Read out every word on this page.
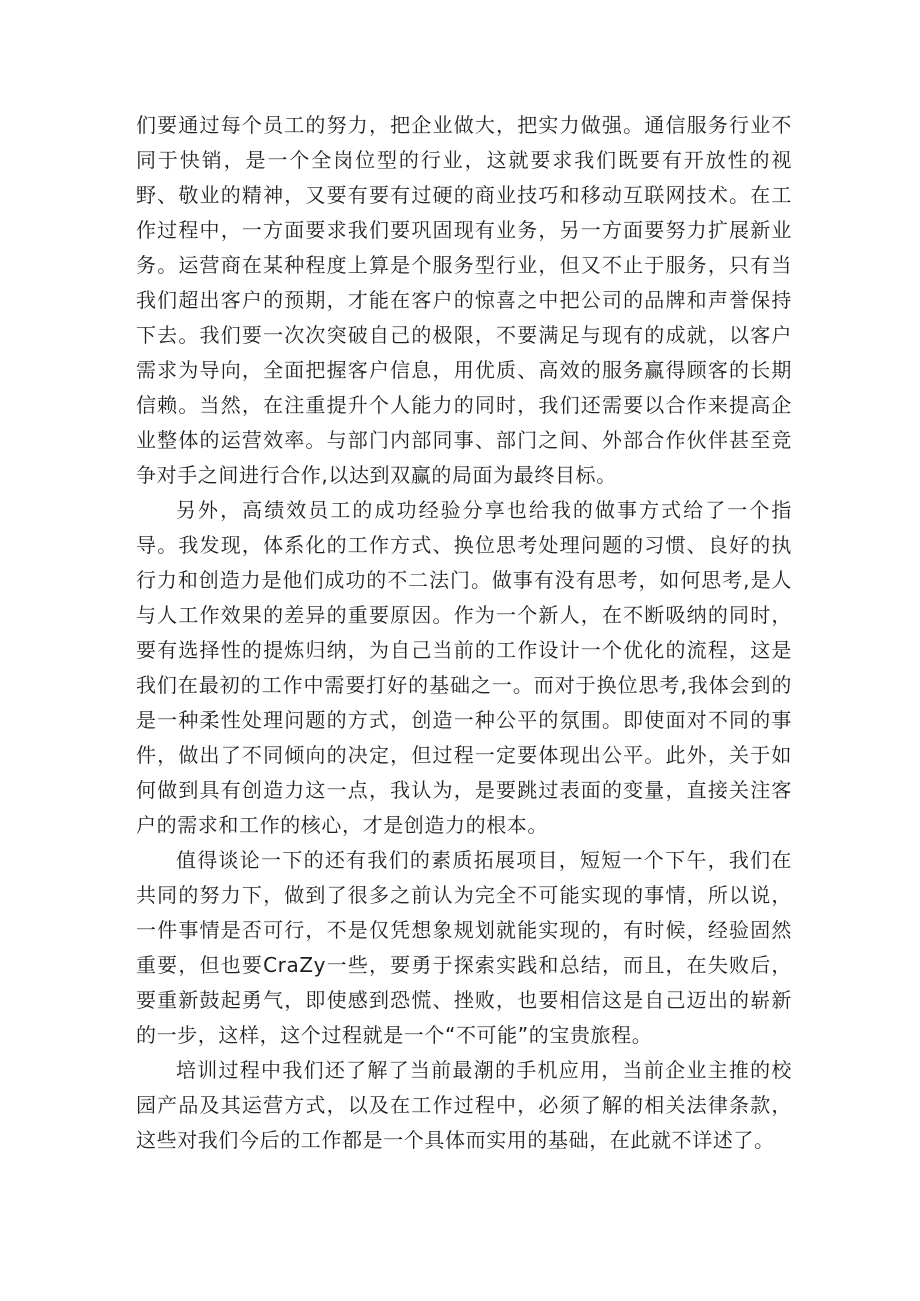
们要通过每个员工的努力，把企业做大，把实力做强。通信服务行业不同于快销，是一个全岗位型的行业，这就要求我们既要有开放性的视野、敬业的精神，又要有要有过硬的商业技巧和移动互联网技术。在工作过程中，一方面要求我们要巩固现有业务，另一方面要努力扩展新业务。运营商在某种程度上算是个服务型行业，但又不止于服务，只有当我们超出客户的预期，才能在客户的惊喜之中把公司的品牌和声誉保持下去。我们要一次次突破自己的极限，不要满足与现有的成就，以客户需求为导向，全面把握客户信息，用优质、高效的服务赢得顾客的长期信赖。当然，在注重提升个人能力的同时，我们还需要以合作来提高企业整体的运营效率。与部门内部同事、部门之间、外部合作伙伴甚至竞争对手之间进行合作,以达到双赢的局面为最终目标。

另外，高绩效员工的成功经验分享也给我的做事方式给了一个指导。我发现，体系化的工作方式、换位思考处理问题的习惯、良好的执行力和创造力是他们成功的不二法门。做事有没有思考，如何思考,是人与人工作效果的差异的重要原因。作为一个新人，在不断吸纳的同时，要有选择性的提炼归纳，为自己当前的工作设计一个优化的流程，这是我们在最初的工作中需要打好的基础之一。而对于换位思考,我体会到的是一种柔性处理问题的方式，创造一种公平的氛围。即使面对不同的事件，做出了不同倾向的决定，但过程一定要体现出公平。此外，关于如何做到具有创造力这一点，我认为，是要跳过表面的变量，直接关注客户的需求和工作的核心，才是创造力的根本。

值得谈论一下的还有我们的素质拓展项目，短短一个下午，我们在共同的努力下，做到了很多之前认为完全不可能实现的事情，所以说，一件事情是否可行，不是仅凭想象规划就能实现的，有时候，经验固然重要，但也要CraZy一些，要勇于探索实践和总结，而且，在失败后，要重新鼓起勇气，即使感到恐慌、挫败，也要相信这是自己迈出的崭新的一步，这样，这个过程就是一个“不可能”的宝贵旅程。

培训过程中我们还了解了当前最潮的手机应用，当前企业主推的校园产品及其运营方式，以及在工作过程中，必须了解的相关法律条款，这些对我们今后的工作都是一个具体而实用的基础，在此就不详述了。
